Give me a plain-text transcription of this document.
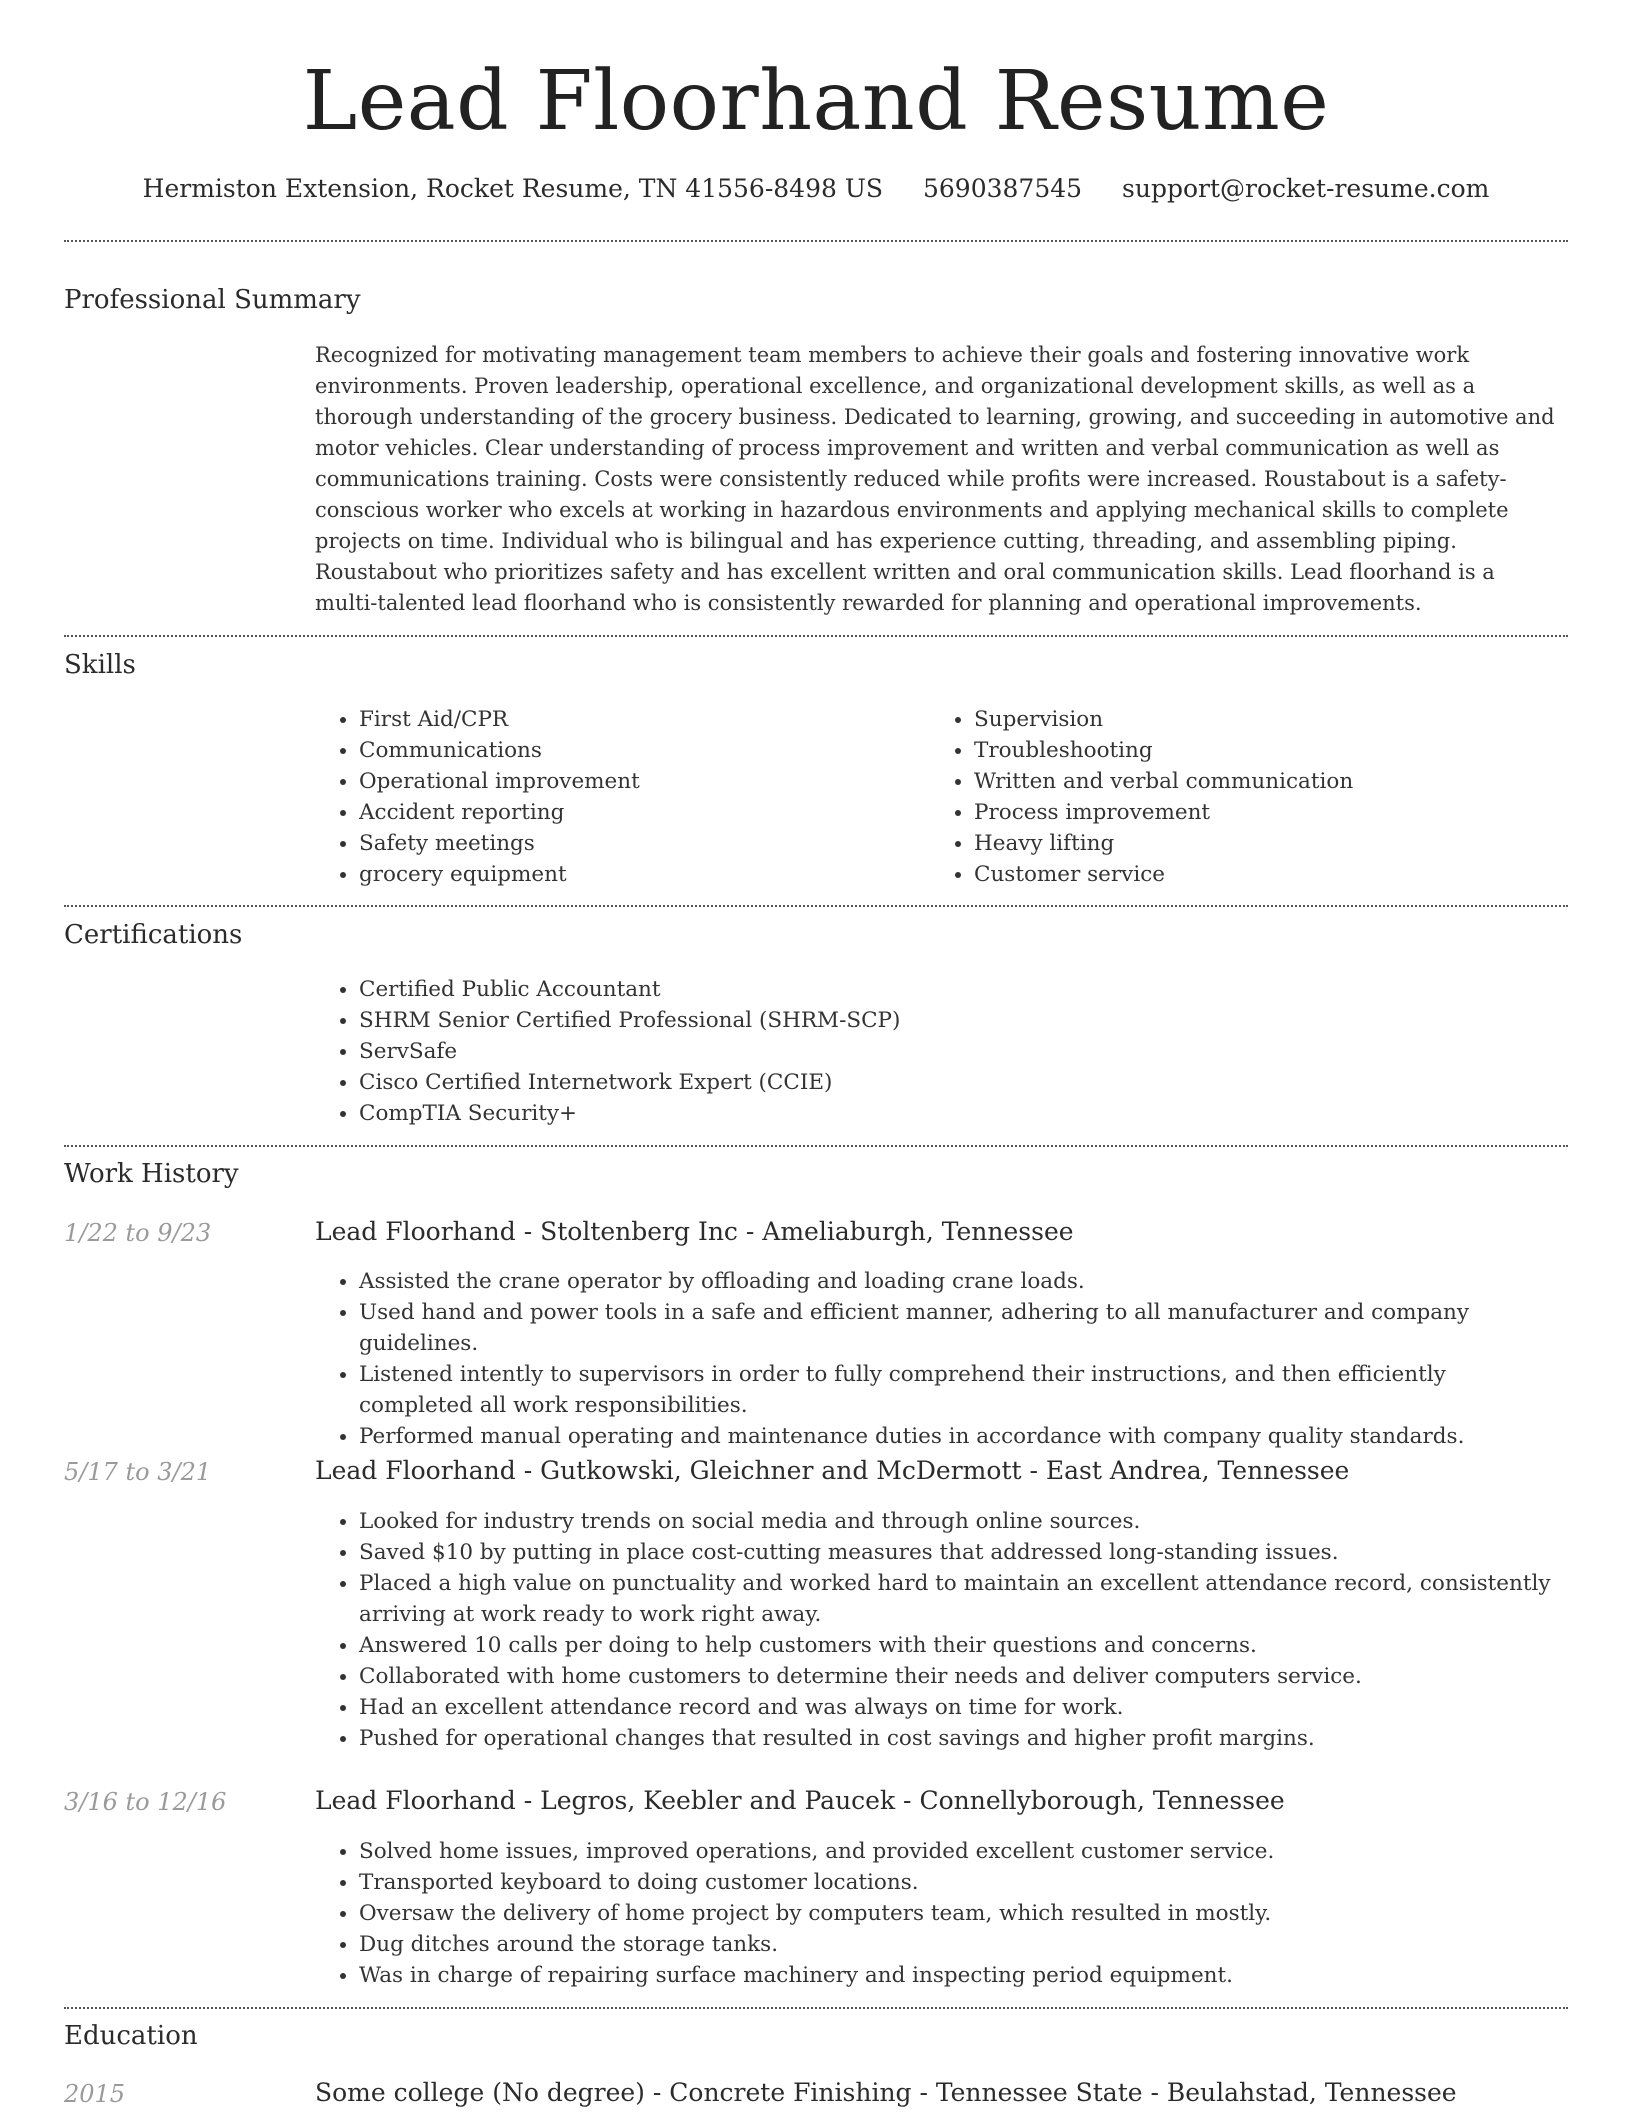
Lead Floorhand Resume
Hermiston Extension, Rocket Resume, TN 41556-8498 US 5690387545 support@rocket-resume.com
Professional Summary

Recognized for motivating management team members to achieve their goals and fostering innovative work environments. Proven leadership, operational excellence, and organizational development skills, as well as a thorough understanding of the grocery business. Dedicated to learning, growing, and succeeding in automotive and motor vehicles. Clear understanding of process improvement and written and verbal communication as well as communications training. Costs were consistently reduced while profits were increased. Roustabout is a safety-conscious worker who excels at working in hazardous environments and applying mechanical skills to complete projects on time. Individual who is bilingual and has experience cutting, threading, and assembling piping. Roustabout who prioritizes safety and has excellent written and oral communication skills. Lead floorhand is a multi-talented lead floorhand who is consistently rewarded for planning and operational improvements.

Skills
• First Aid/CPR
• Communications
• Operational improvement
• Accident reporting
• Safety meetings
• grocery equipment
• Supervision
• Troubleshooting
• Written and verbal communication
• Process improvement
• Heavy lifting
• Customer service
Certifications
• Certified Public Accountant
• SHRM Senior Certified Professional (SHRM-SCP)
• ServSafe
• Cisco Certified Internetwork Expert (CCIE)
• CompTIA Security+
Work History
1/22 to 9/23	Lead Floorhand - Stoltenberg Inc - Ameliaburgh, Tennessee
• Assisted the crane operator by offloading and loading crane loads.
• Used hand and power tools in a safe and efficient manner, adhering to all manufacturer and company guidelines.
• Listened intently to supervisors in order to fully comprehend their instructions, and then efficiently completed all work responsibilities.
• Performed manual operating and maintenance duties in accordance with company quality standards.
5/17 to 3/21	Lead Floorhand - Gutkowski, Gleichner and McDermott - East Andrea, Tennessee
• Looked for industry trends on social media and through online sources.
• Saved $10 by putting in place cost-cutting measures that addressed long-standing issues.
• Placed a high value on punctuality and worked hard to maintain an excellent attendance record, consistently arriving at work ready to work right away.
• Answered 10 calls per doing to help customers with their questions and concerns.
• Collaborated with home customers to determine their needs and deliver computers service.
• Had an excellent attendance record and was always on time for work.
• Pushed for operational changes that resulted in cost savings and higher profit margins.
3/16 to 12/16	Lead Floorhand - Legros, Keebler and Paucek - Connellyborough, Tennessee
• Solved home issues, improved operations, and provided excellent customer service.
• Transported keyboard to doing customer locations.
• Oversaw the delivery of home project by computers team, which resulted in mostly.
• Dug ditches around the storage tanks.
• Was in charge of repairing surface machinery and inspecting period equipment.
Education
2015	Some college (No degree) - Concrete Finishing - Tennessee State - Beulahstad, Tennessee
